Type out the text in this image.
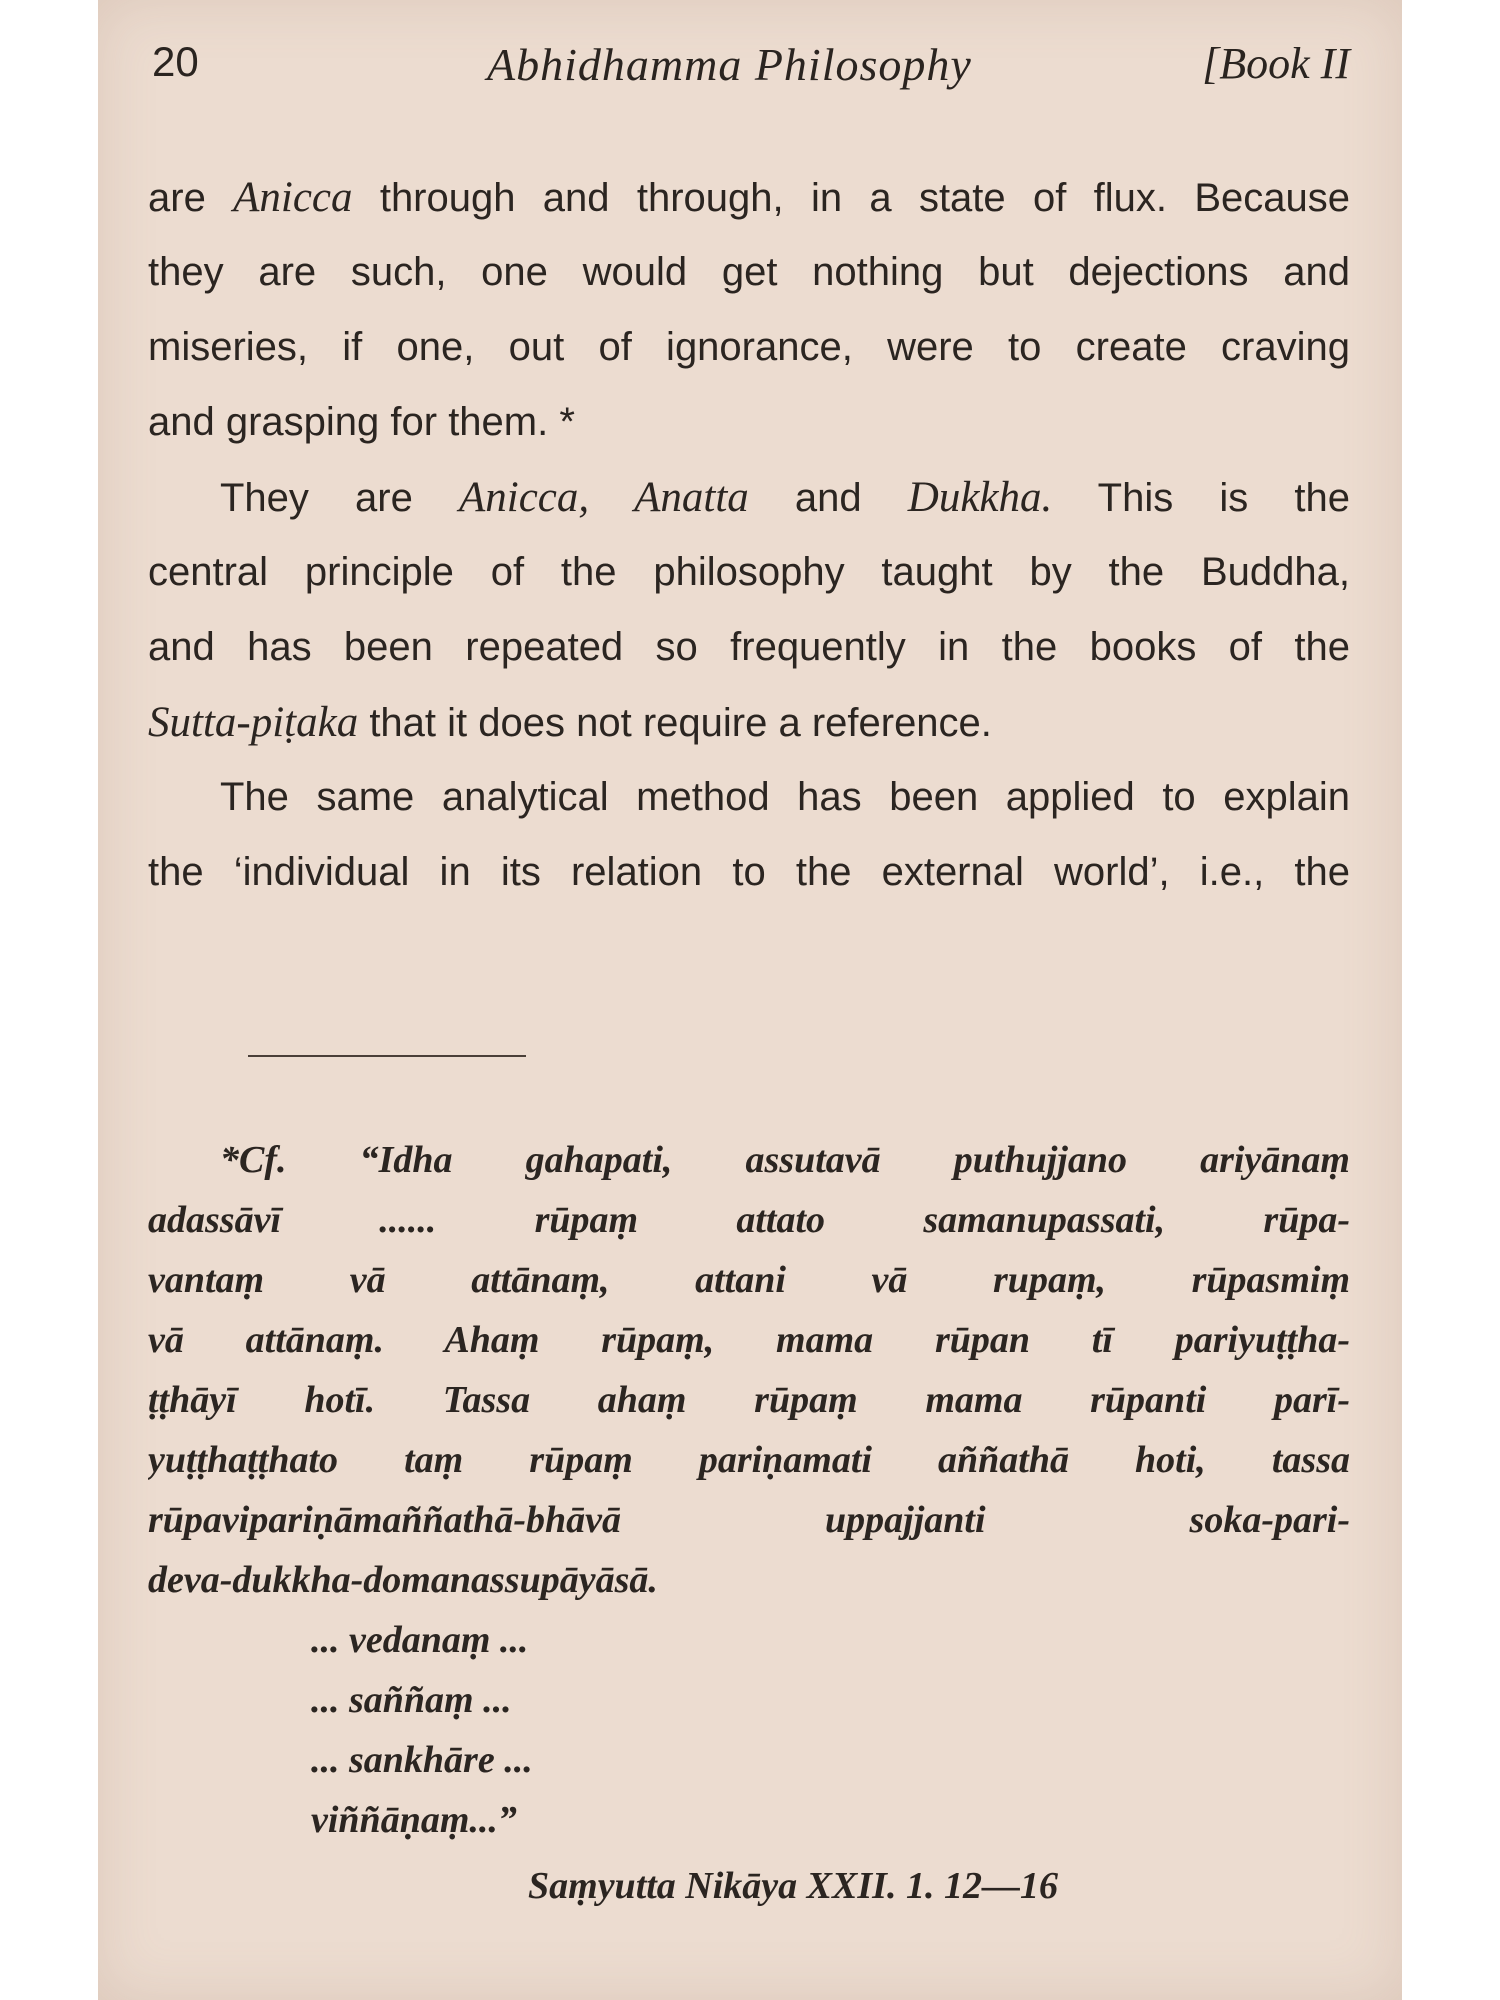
20	Abhidhamma Philosophy	[Book II
are Anicca through and through, in a state of flux. Because
they are such, one would get nothing but dejections and
miseries, if one, out of ignorance, were to create craving
and grasping for them. *
They are Anicca, Anatta and Dukkha. This is the
central principle of the philosophy taught by the Buddha,
and has been repeated so frequently in the books of the
Sutta-piṭaka that it does not require a reference.
The same analytical method has been applied to explain
the ‘individual in its relation to the external world’, i.e., the
*Cf. “Idha gahapati, assutavā puthujjano ariyānaṃ
adassāvī ...... rūpaṃ attato samanupassati, rūpa-
vantaṃ vā attānaṃ, attani vā rupaṃ, rūpasmiṃ
vā attānaṃ. Ahaṃ rūpaṃ, mama rūpan tī pariyuṭṭha-
ṭṭhāyī hotī. Tassa ahaṃ rūpaṃ mama rūpanti parī-
yuṭṭhaṭṭhato taṃ rūpaṃ pariṇamati aññathā hoti, tassa
rūpavipariṇāmaññathā-bhāvā uppajjanti soka-pari-
deva-dukkha-domanassupāyāsā.
... vedanaṃ ...
... saññaṃ ...
... sankhāre ...
viññāṇaṃ...”
Saṃyutta Nikāya XXII. 1. 12—16
